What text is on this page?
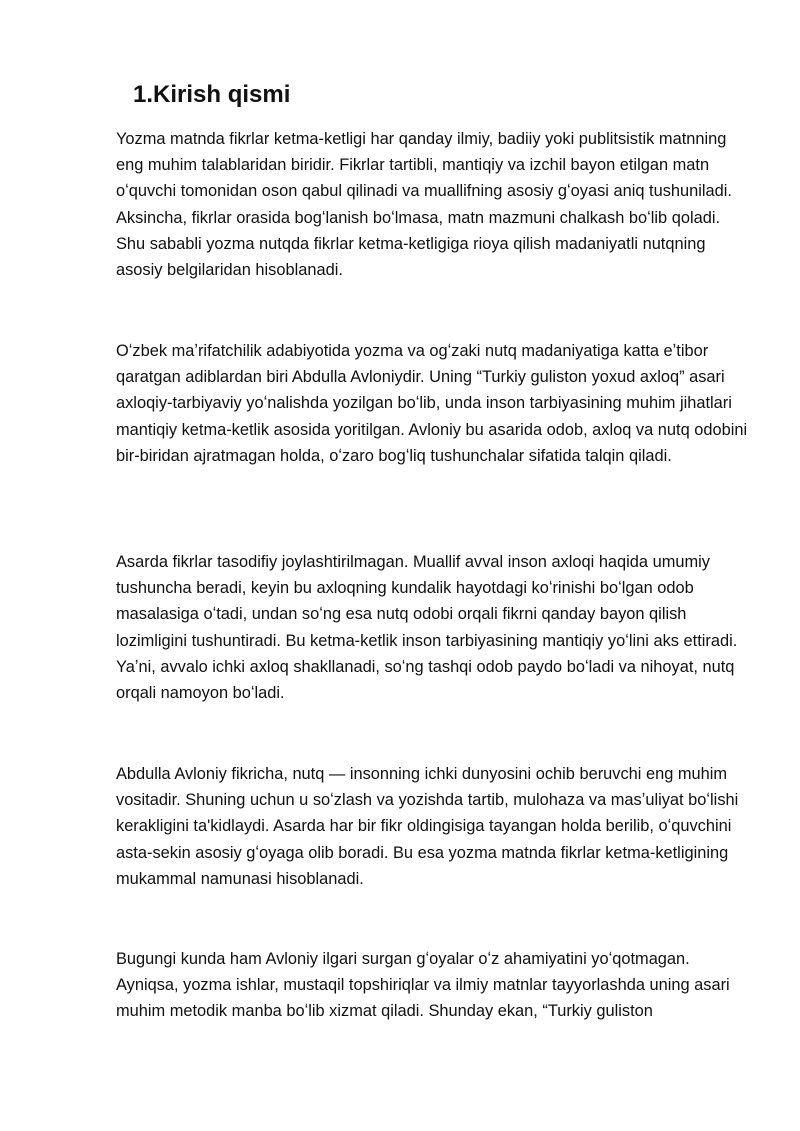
1.Kirish qismi

Yozma matnda fikrlar ketma-ketligi har qanday ilmiy, badiiy yoki publitsistik matnning eng muhim talablaridan biridir. Fikrlar tartibli, mantiqiy va izchil bayon etilgan matn oʻquvchi tomonidan oson qabul qilinadi va muallifning asosiy gʻoyasi aniq tushuniladi. Aksincha, fikrlar orasida bogʻlanish boʻlmasa, matn mazmuni chalkash boʻlib qoladi. Shu sababli yozma nutqda fikrlar ketma-ketligiga rioya qilish madaniyatli nutqning asosiy belgilaridan hisoblanadi.

Oʻzbek maʼrifatchilik adabiyotida yozma va ogʻzaki nutq madaniyatiga katta eʼtibor qaratgan adiblardan biri Abdulla Avloniydir. Uning “Turkiy guliston yoxud axloq” asari axloqiy-tarbiyaviy yoʻnalishda yozilgan boʻlib, unda inson tarbiyasining muhim jihatlari mantiqiy ketma-ketlik asosida yoritilgan. Avloniy bu asarida odob, axloq va nutq odobini bir-biridan ajratmagan holda, oʻzaro bogʻliq tushunchalar sifatida talqin qiladi.

Asarda fikrlar tasodifiy joylashtirilmagan. Muallif avval inson axloqi haqida umumiy tushuncha beradi, keyin bu axloqning kundalik hayotdagi koʻrinishi boʻlgan odob masalasiga oʻtadi, undan soʻng esa nutq odobi orqali fikrni qanday bayon qilish lozimligini tushuntiradi. Bu ketma-ketlik inson tarbiyasining mantiqiy yoʻlini aks ettiradi. Yaʼni, avvalo ichki axloq shakllanadi, soʻng tashqi odob paydo boʻladi va nihoyat, nutq orqali namoyon boʻladi.

Abdulla Avloniy fikricha, nutq — insonning ichki dunyosini ochib beruvchi eng muhim vositadir. Shuning uchun u soʻzlash va yozishda tartib, mulohaza va masʼuliyat boʻlishi kerakligini ta'kidlaydi. Asarda har bir fikr oldingisiga tayangan holda berilib, oʻquvchini asta-sekin asosiy gʻoyaga olib boradi. Bu esa yozma matnda fikrlar ketma-ketligining mukammal namunasi hisoblanadi.

Bugungi kunda ham Avloniy ilgari surgan gʻoyalar oʻz ahamiyatini yoʻqotmagan. Ayniqsa, yozma ishlar, mustaqil topshiriqlar va ilmiy matnlar tayyorlashda uning asari muhim metodik manba boʻlib xizmat qiladi. Shunday ekan, “Turkiy guliston
